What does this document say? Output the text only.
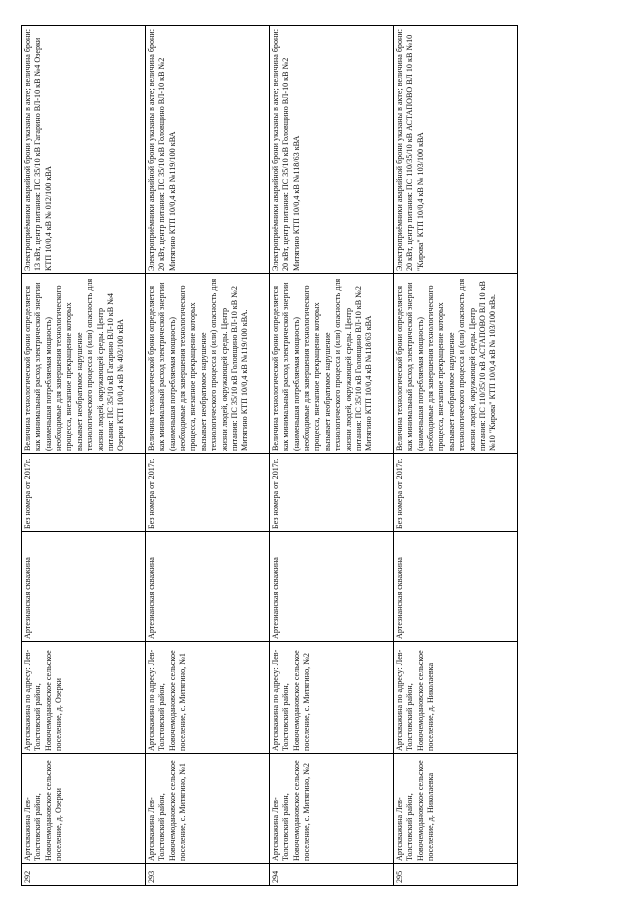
292	Артскважина Лев-Толстовский район, Новочемодановское сельское поселение, д. Озерки	Артскважина по адресу: Лев-Толстовский район, Новочемодановское сельское поселение, д. Озерки	Артезианская скважина	Без номера от 2017г.	Величина технологической брони определяется как минимальный расход электрической энергии (наименьшая потребляемая мощность) необходимые для завершения технологического процесса, внезапное прекращение которых вызывает необратимое нарушение технологического процесса и (или) опасность для жизни людей, окружающей среды. Центр питания: ПС 35/10 кВ Гагарино ВЛ-10 кВ №4 Озерки КТП 10/0,4 кВ № 403/100 кВА	Электроприёмники аварийной брони указаны в акте; величина брони: 13 кВт, центр питания: ПС 35/10 кВ Гагарино ВЛ-10 кВ №4 Озерки КТП 10/0,4 кВ № 012/100 кВА
293	Артскважина Лев-Толстовский район, Новочемодановское сельское поселение, с. Митягино, №1	Артскважина по адресу: Лев-Толстовский район, Новочемодановское сельское поселение, с. Митягино, №1	Артезианская скважина	Без номера от 2017г.	Величина технологической брони определяется как минимальный расход электрической энергии (наименьшая потребляемая мощность) необходимые для завершения технологического процесса, внезапное прекращение которых вызывает необратимое нарушение технологического процесса и (или) опасность для жизни людей, окружающей среды. Центр питания: ПС 35/10 кВ Головщино ВЛ-10 кВ №2 Митягино КТП 10/0,4 кВ №119/100 кВА.	Электроприёмники аварийной брони указаны в акте; величина брони: 20 кВт, центр питания: ПС 35/10 кВ Головщино ВЛ-10 кВ №2 Митягино КТП 10/0,4 кВ №119/100 кВА
294	Артскважина Лев-Толстовский район, Новочемодановское сельское поселение, с. Митягино, №2	Артскважина по адресу: Лев-Толстовский район, Новочемодановское сельское поселение, с. Митягино, №2	Артезианская скважина	Без номера от 2017г.	Величина технологической брони определяется как минимальный расход электрической энергии (наименьшая потребляемая мощность) необходимые для завершения технологического процесса, внезапное прекращение которых вызывает необратимое нарушение технологического процесса и (или) опасность для жизни людей, окружающей среды. Центр питания: ПС 35/10 кВ Головщино ВЛ-10 кВ №2 Митягино КТП 10/0,4 кВ №118/63 кВА	Электроприёмники аварийной брони указаны в акте; величина брони: 20 кВт, центр питания: ПС 35/10 кВ Головщино ВЛ-10 кВ №2 Митягино КТП 10/0,4 кВ №118/63 кВА
295	Артскважина Лев-Толстовский район, Новочемодановское сельское поселение, д. Николаевка	Артскважина по адресу: Лев-Толстовский район, Новочемодановское сельское поселение, д. Николаевка	Артезианская скважина	Без номера от 2017г.	Величина технологической брони определяется как минимальный расход электрической энергии (наименьшая потребляемая мощность) необходимые для завершения технологического процесса, внезапное прекращение которых вызывает необратимое нарушение технологического процесса и (или) опасность для жизни людей, окружающей среды. Центр питания: ПС 110/35/10 кВ АСТАПОВО ВЛ 10 кВ №10 "Кирова" КТП 10/0,4 кВ № 103/100 кВа.	Электроприёмники аварийной брони указаны в акте; величина брони: 20 кВт, центр питания: ПС 110/35/10 кВ АСТАПОВО ВЛ 10 кВ №10 "Кирова" КТП 10/0,4 кВ № 103/100 кВА
